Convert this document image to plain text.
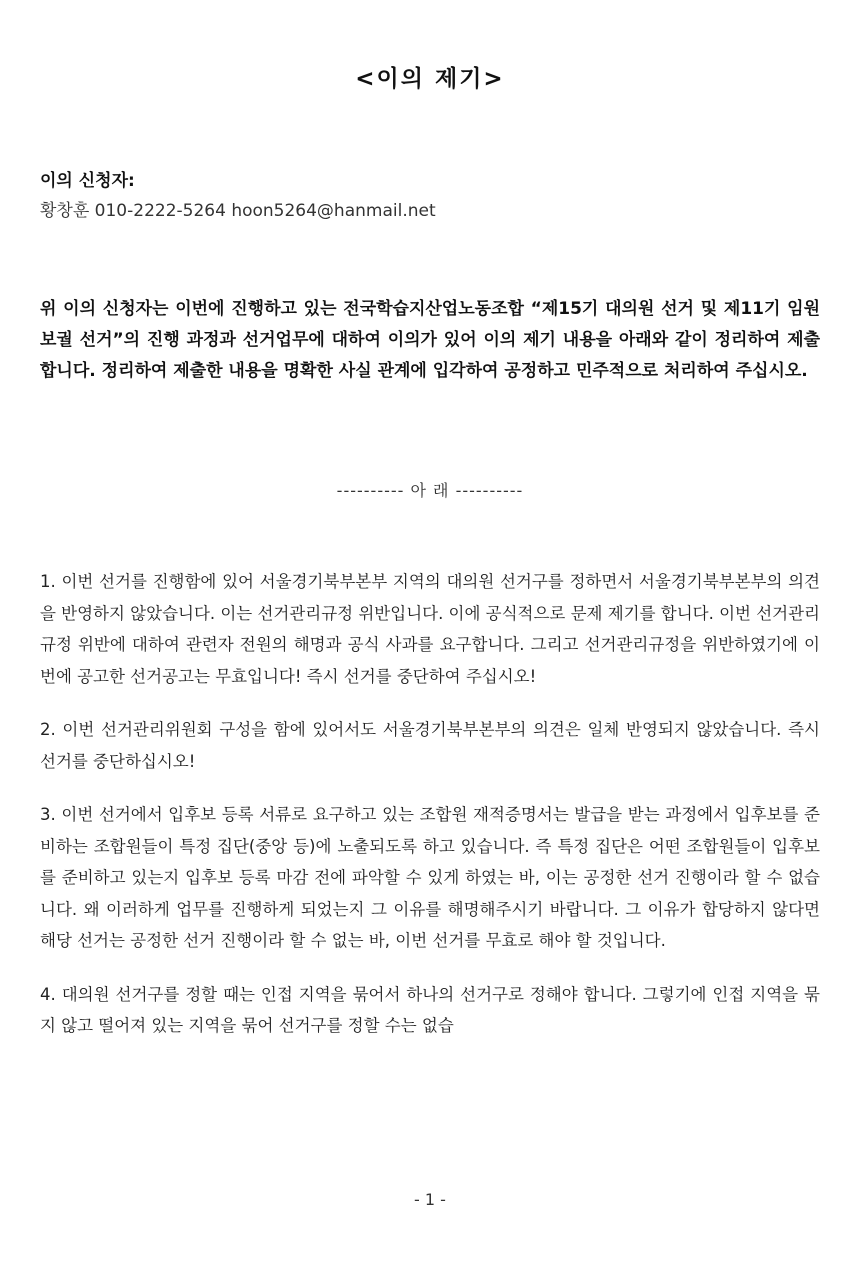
<이의 제기>
이의 신청자:
황창훈 010-2222-5264 hoon5264@hanmail.net

위 이의 신청자는 이번에 진행하고 있는 전국학습지산업노동조합 “제15기 대의원 선거 및 제11기 임원 보궐 선거”의 진행 과정과 선거업무에 대하여 이의가 있어 이의 제기 내용을 아래와 같이 정리하여 제출합니다. 정리하여 제출한 내용을 명확한 사실 관계에 입각하여 공정하고 민주적으로 처리하여 주십시오.

---------- 아 래 ----------

1. 이번 선거를 진행함에 있어 서울경기북부본부 지역의 대의원 선거구를 정하면서 서울경기북부본부의 의견을 반영하지 않았습니다. 이는 선거관리규정 위반입니다. 이에 공식적으로 문제 제기를 합니다. 이번 선거관리규정 위반에 대하여 관련자 전원의 해명과 공식 사과를 요구합니다. 그리고 선거관리규정을 위반하였기에 이번에 공고한 선거공고는 무효입니다! 즉시 선거를 중단하여 주십시오!

2. 이번 선거관리위원회 구성을 함에 있어서도 서울경기북부본부의 의견은 일체 반영되지 않았습니다. 즉시 선거를 중단하십시오!

3. 이번 선거에서 입후보 등록 서류로 요구하고 있는 조합원 재적증명서는 발급을 받는 과정에서 입후보를 준비하는 조합원들이 특정 집단(중앙 등)에 노출되도록 하고 있습니다. 즉 특정 집단은 어떤 조합원들이 입후보를 준비하고 있는지 입후보 등록 마감 전에 파악할 수 있게 하였는 바, 이는 공정한 선거 진행이라 할 수 없습니다. 왜 이러하게 업무를 진행하게 되었는지 그 이유를 해명해주시기 바랍니다. 그 이유가 합당하지 않다면 해당 선거는 공정한 선거 진행이라 할 수 없는 바, 이번 선거를 무효로 해야 할 것입니다.

4. 대의원 선거구를 정할 때는 인접 지역을 묶어서 하나의 선거구로 정해야 합니다. 그렇기에 인접 지역을 묶지 않고 떨어져 있는 지역을 묶어 선거구를 정할 수는 없습

- 1 -
